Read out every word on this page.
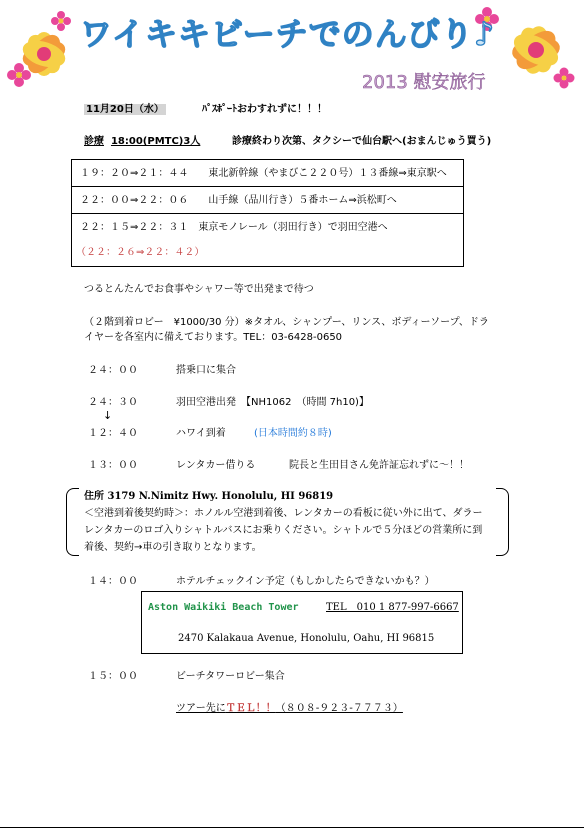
ワイキキビーチでのんびり♪
2013 慰安旅行
11月20日（水）	ﾊﾟｽﾎﾟｰﾄおわすれずに！！！
診療 18:00(PMTC)3人	診療終わり次第、タクシーで仙台駅へ(おまんじゅう買う)
１９：２０⇒２１：４４　　東北新幹線（やまびこ２２０号）１３番線⇒東京駅へ
２２：００⇒２２：０６　　山手線（品川行き）５番ホーム⇒浜松町へ
２２：１５⇒２２：３１　東京モノレール（羽田行き）で羽田空港へ
（２２：２６⇒２２：４２）
つるとんたんでお食事やシャワー等で出発まで待つ
（２階到着ロビー　¥1000/30 分）※タオル、シャンプー、リンス、ボディーソープ、ドラ
イヤーを各室内に備えております。TEL：03-6428-0650
２４：００	搭乗口に集合
２４：３０	羽田空港出発　【NH1062　（時間 7h10)】
↓
１２：４０	ハワイ到着	(日本時間約８時)
１３：００	レンタカー借りる	院長と生田目さん免許証忘れずに～！！
住所 3179 N.Nimitz Hwy. Honolulu, HI 96819
＜空港到着後契約時＞：ホノルル空港到着後、レンタカーの看板に従い外に出て、ダラー
レンタカーのロゴ入りシャトルバスにお乗りください。シャトルで５分ほどの営業所に到
着後、契約→車の引き取りとなります。
１４：００	ホテルチェックイン予定（もしかしたらできないかも？）
Aston Waikiki Beach Tower	TEL　010 1 877-997-6667
2470 Kalakaua Avenue, Honolulu, Oahu, HI 96815
１５：００	ビーチタワーロビー集合
ツアー先にＴＥＬ！！（８０８-９２３-７７７３）
